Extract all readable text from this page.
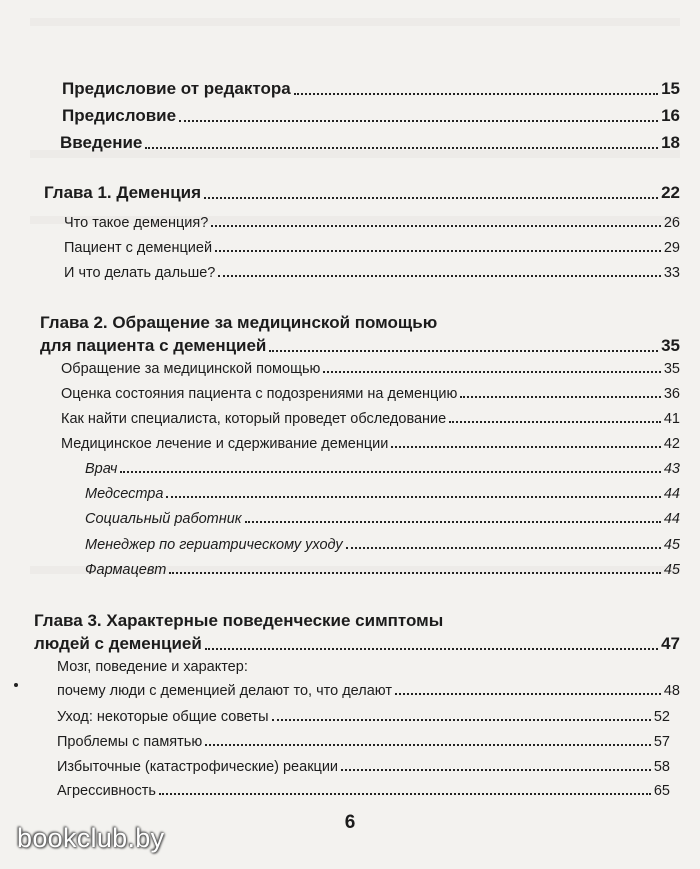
Предисловие от редактора	15
Предисловие	16
Введение	18
Глава 1. Деменция	22
Что такое деменция?	26
Пациент с деменцией	29
И что делать дальше?	33
Глава 2. Обращение за медицинской помощью
для пациента с деменцией	35
Обращение за медицинской помощью	35
Оценка состояния пациента с подозрениями на деменцию	36
Как найти специалиста, который проведет обследование	41
Медицинское лечение и сдерживание деменции	42
Врач	43
Медсестра	44
Социальный работник	44
Менеджер по гериатрическому уходу	45
Фармацевт	45
Глава 3. Характерные поведенческие симптомы
людей с деменцией	47
Мозг, поведение и характер:
почему люди с деменцией делают то, что делают	48
Уход: некоторые общие советы	52
Проблемы с памятью	57
Избыточные (катастрофические) реакции	58
Агрессивность	65
6
bookclub.by
